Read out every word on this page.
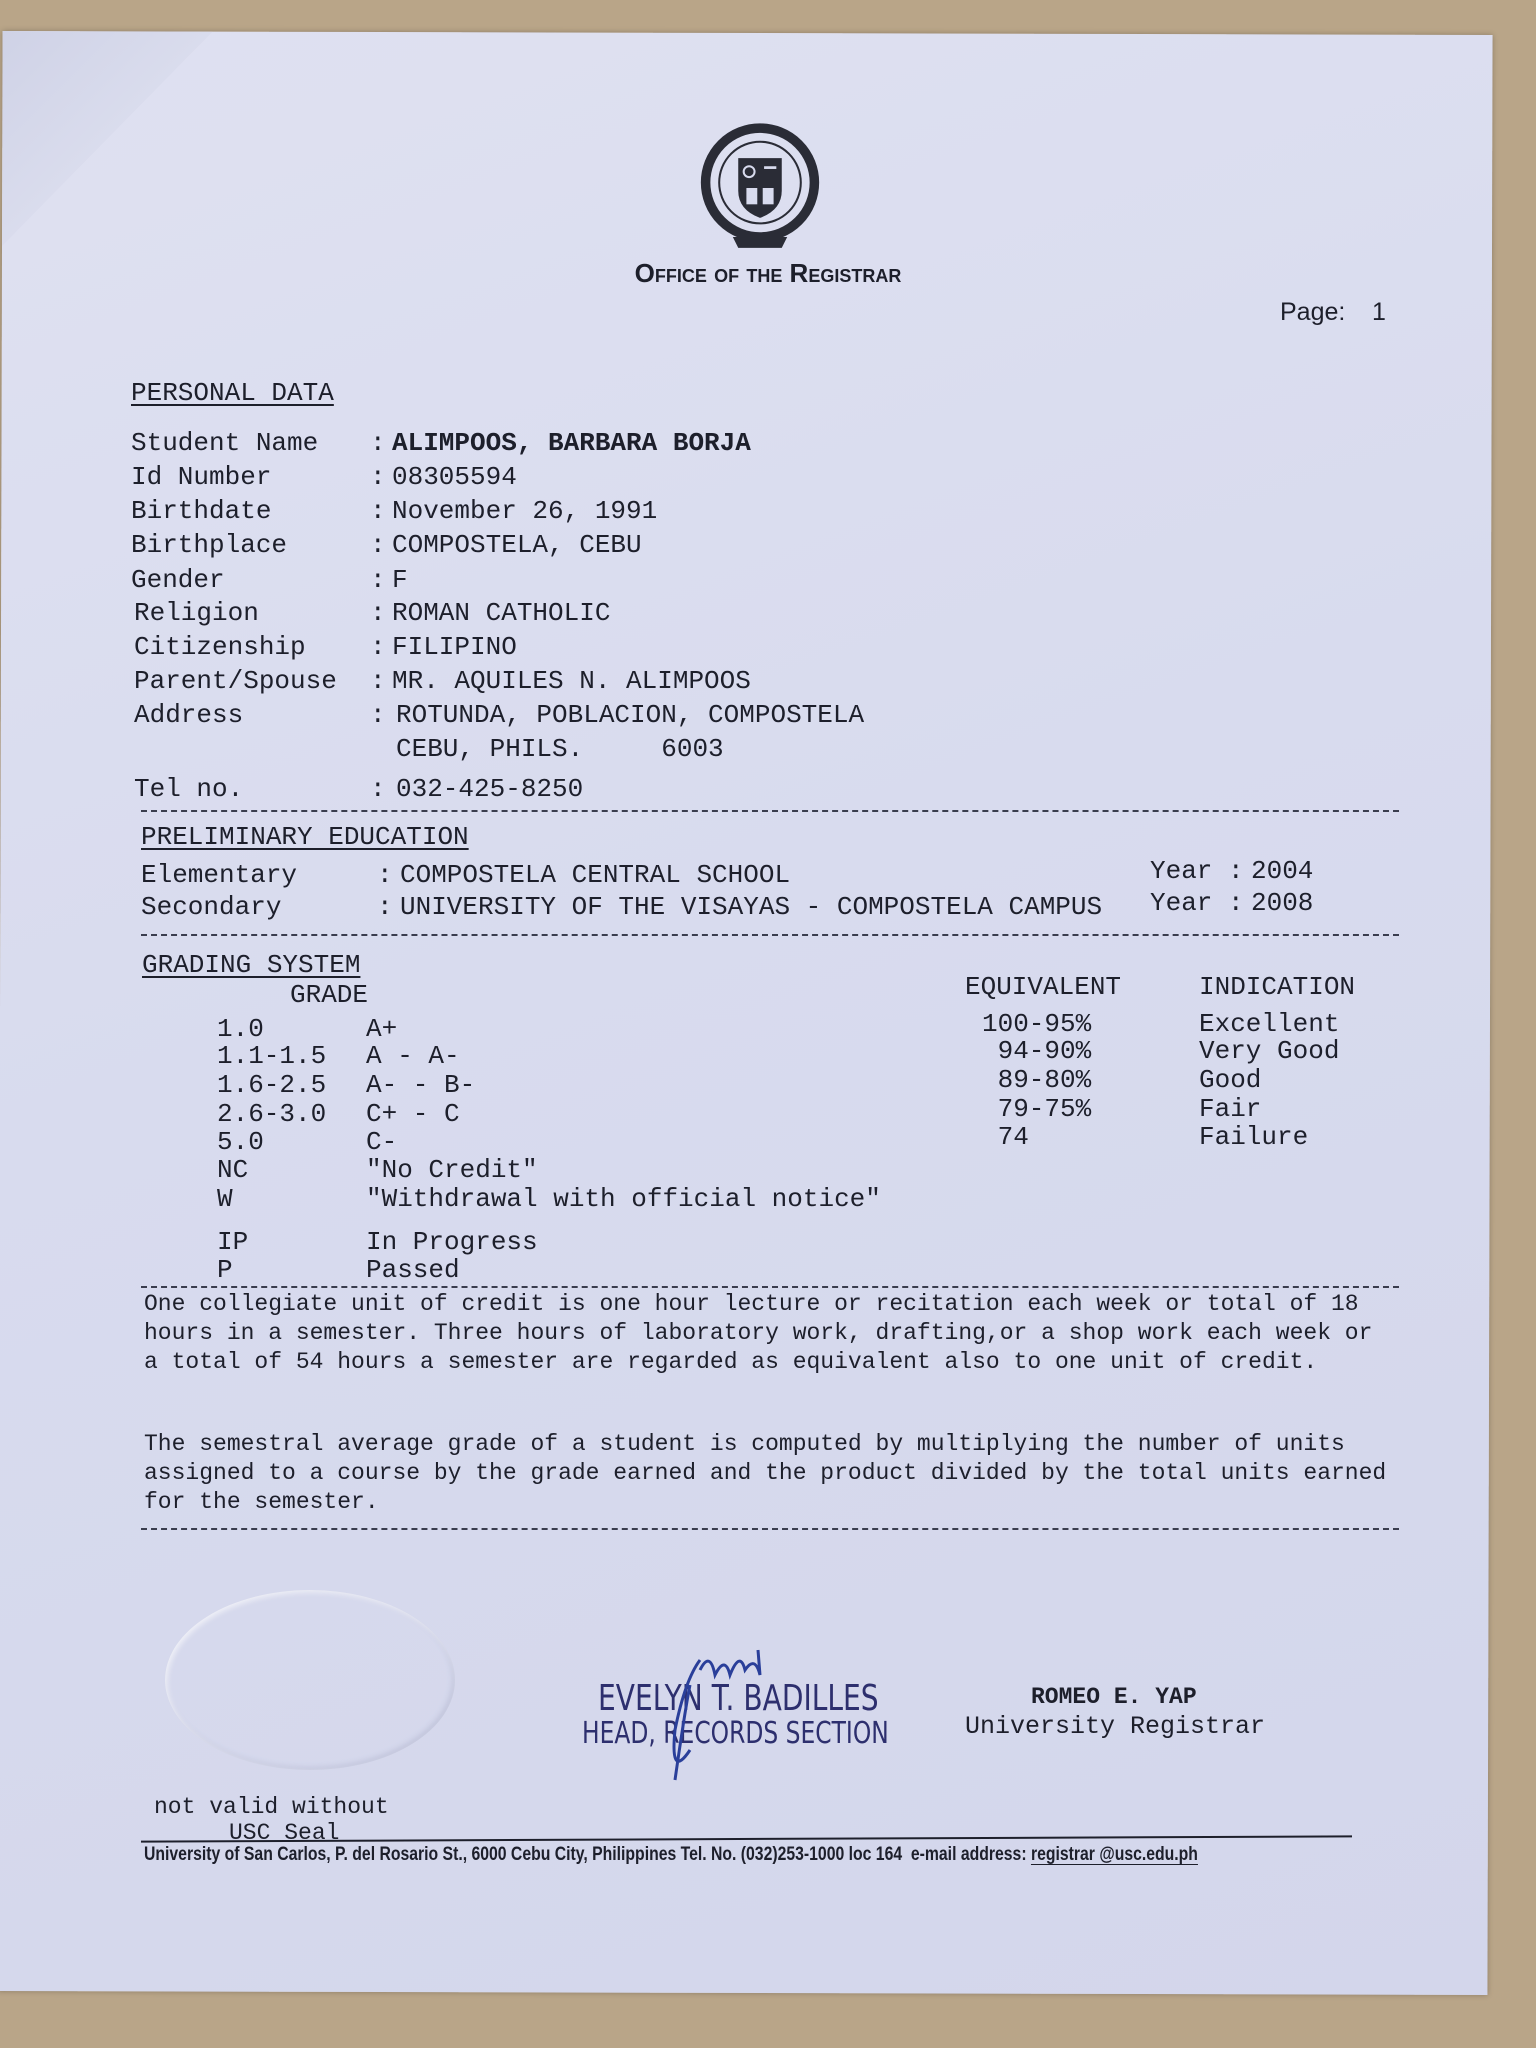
Office of the Registrar
Page: 1
PERSONAL DATA
Student Name : ALIMPOOS, BARBARA BORJA
Id Number	: 08305594
Birthdate	: November 26, 1991
Birthplace	: COMPOSTELA, CEBU
Gender	: F
Religion	: ROMAN CATHOLIC
Citizenship : FILIPINO
Parent/Spouse : MR. AQUILES N. ALIMPOOS
Address	: ROTUNDA, POBLACION, COMPOSTELA
CEBU, PHILS.     6003
Tel no.	: 032-425-8250
PRELIMINARY EDUCATION
Elementary	: COMPOSTELA CENTRAL SCHOOL	Year : 2004
Secondary	: UNIVERSITY OF THE VISAYAS - COMPOSTELA CAMPUS Year : 2008
GRADING SYSTEM
GRADE	EQUIVALENT	INDICATION
1.0	A+	100-95%	Excellent
1.1-1.5 A - A-	94-90%	Very Good
1.6-2.5 A- - B-	89-80%	Good
2.6-3.0 C+ - C	79-75%	Fair
5.0	C-	74	Failure
NC	"No Credit"
W	"Withdrawal with official notice"
IP	In Progress
P	Passed
One collegiate unit of credit is one hour lecture or recitation each week or total of 18 hours in a semester. Three hours of laboratory work, drafting,or a shop work each week or a total of 54 hours a semester are regarded as equivalent also to one unit of credit.
The semestral average grade of a student is computed by multiplying the number of units assigned to a course by the grade earned and the product divided by the total units earned for the semester.
EVELYN T. BADILLES
HEAD, RECORDS SECTION
ROMEO E. YAP
University Registrar
not valid without
USC Seal
University of San Carlos, P. del Rosario St., 6000 Cebu City, Philippines Tel. No. (032)253-1000 loc 164  e-mail address: registrar @usc.edu.ph
